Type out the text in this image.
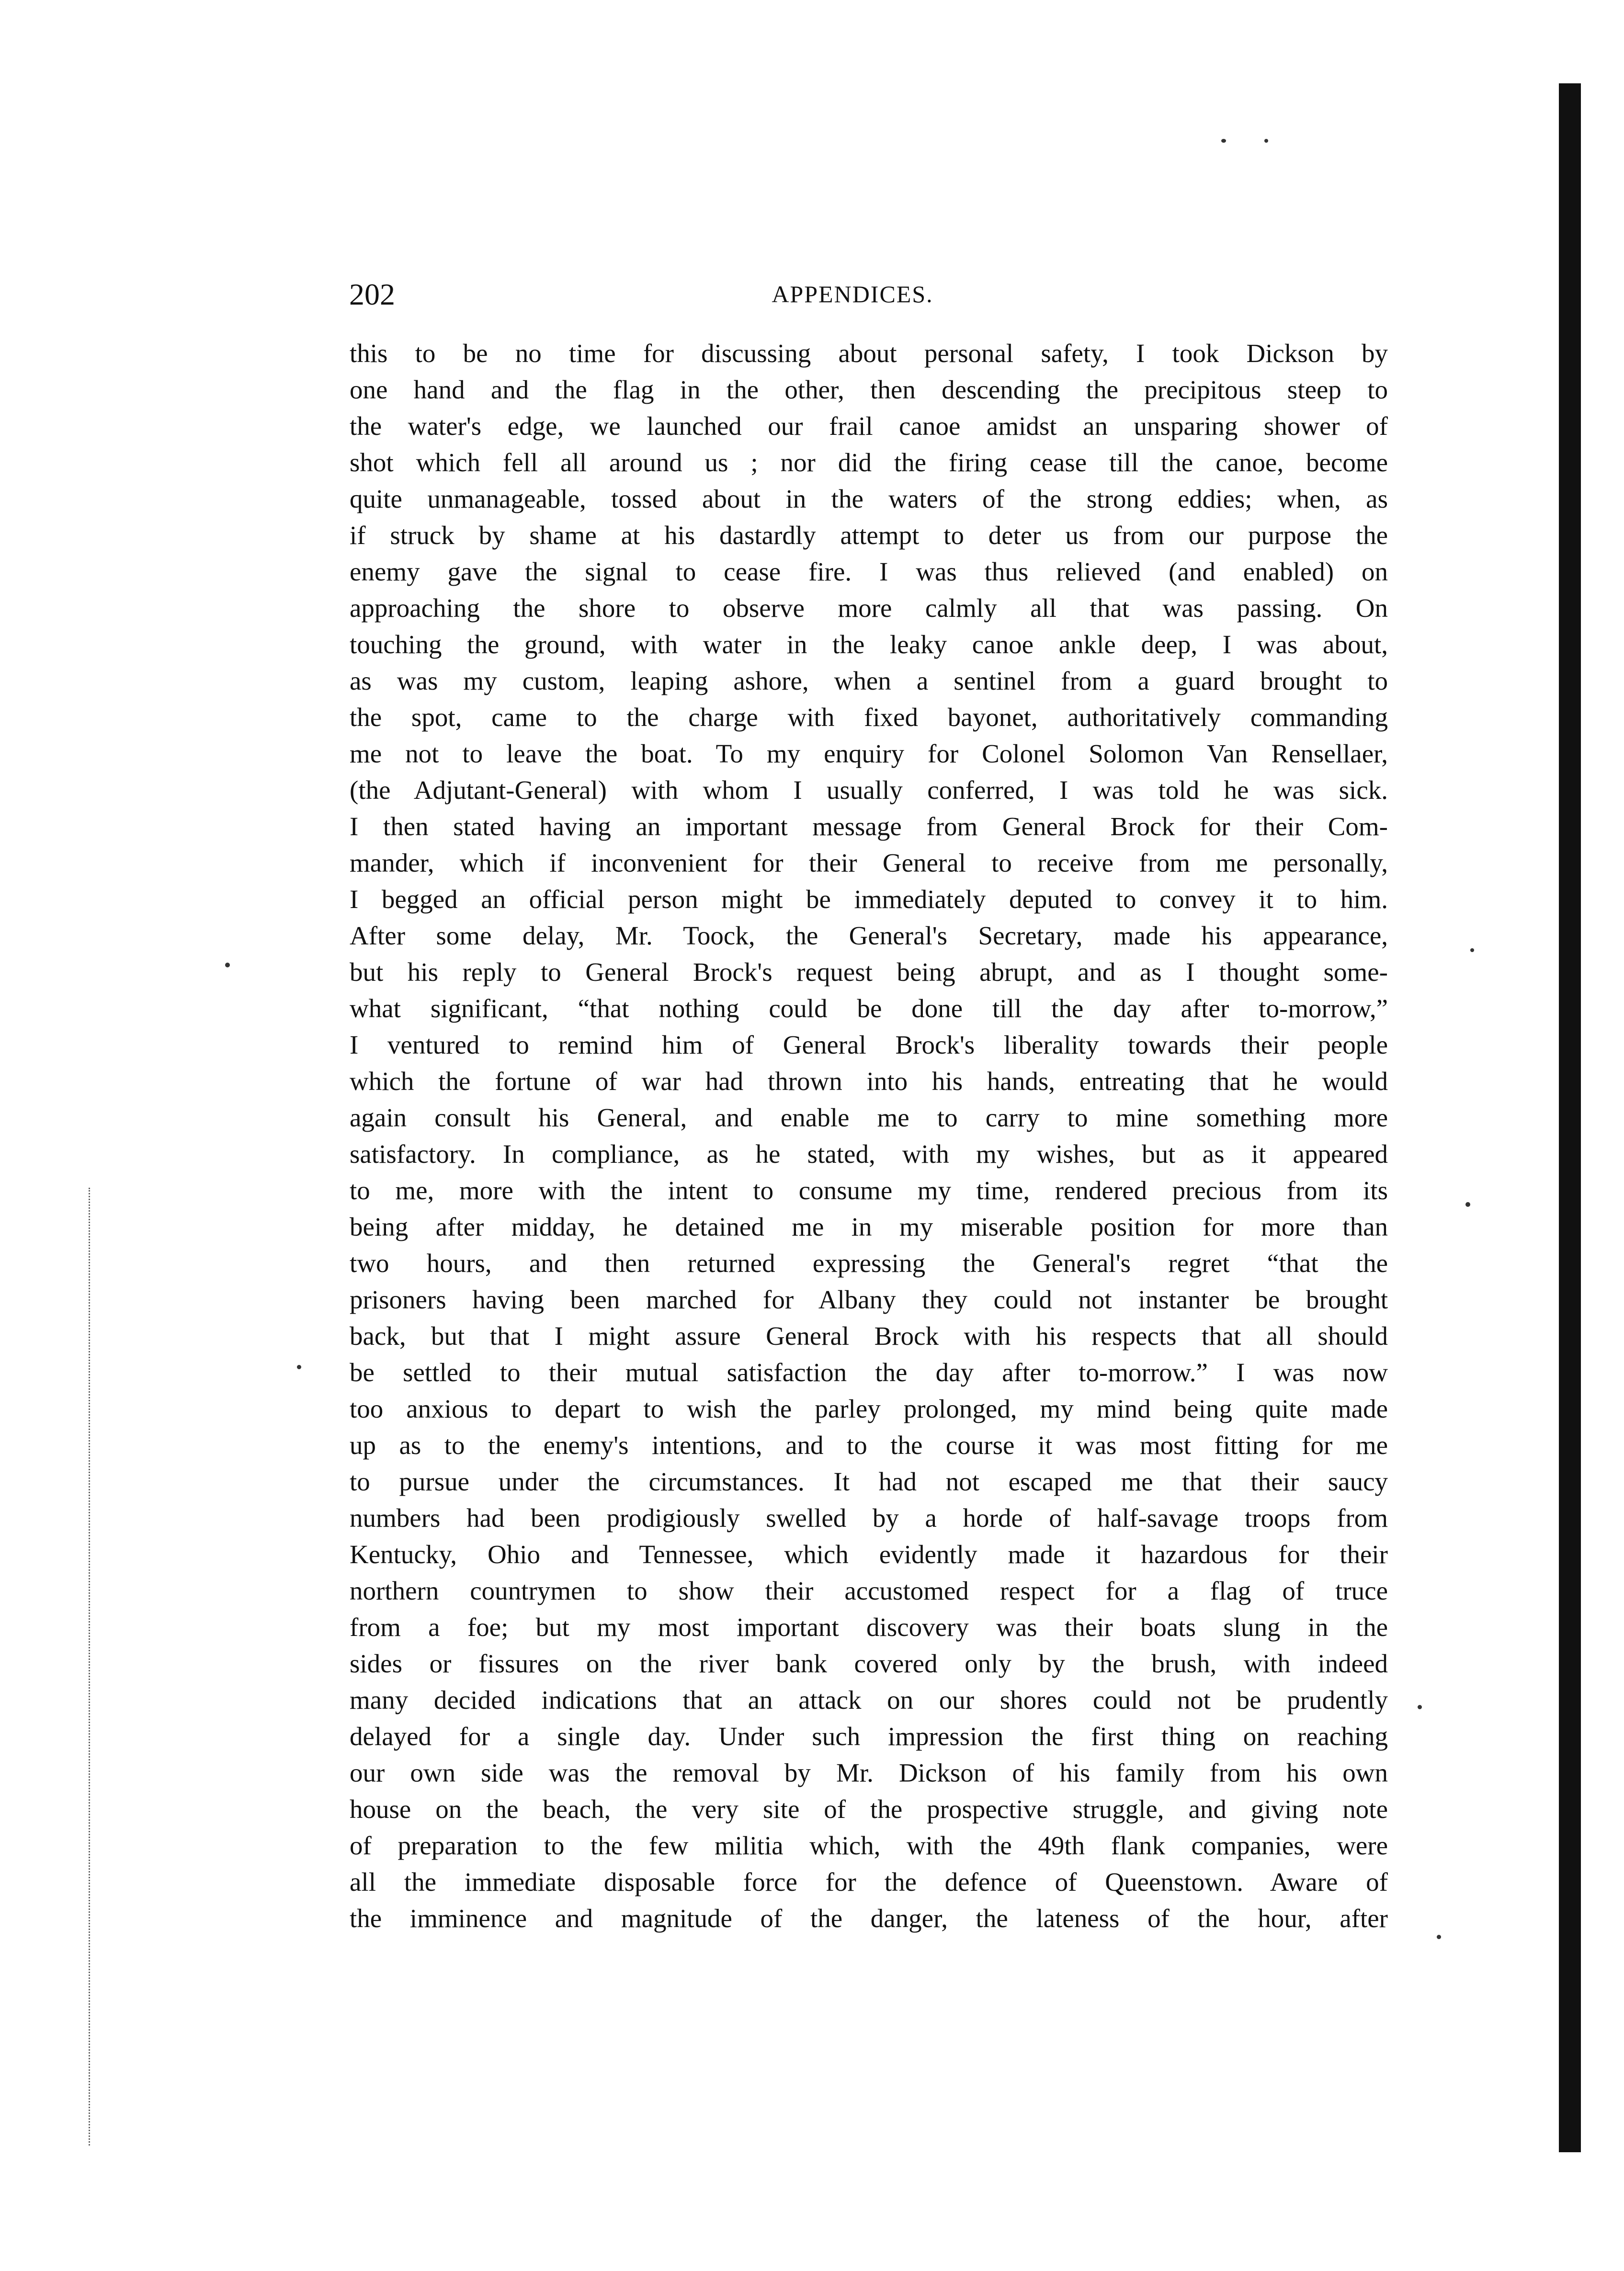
202	APPENDICES.
this to be no time for discussing about personal safety, I took Dickson by
one hand and the flag in the other, then descending the precipitous steep to
the water's edge, we launched our frail canoe amidst an unsparing shower of
shot which fell all around us ; nor did the firing cease till the canoe, become
quite unmanageable, tossed about in the waters of the strong eddies; when, as
if struck by shame at his dastardly attempt to deter us from our purpose the
enemy gave the signal to cease fire. I was thus relieved (and enabled) on
approaching the shore to observe more calmly all that was passing. On
touching the ground, with water in the leaky canoe ankle deep, I was about,
as was my custom, leaping ashore, when a sentinel from a guard brought to
the spot, came to the charge with fixed bayonet, authoritatively commanding
me not to leave the boat. To my enquiry for Colonel Solomon Van Rensellaer,
(the Adjutant-General) with whom I usually conferred, I was told he was sick.
I then stated having an important message from General Brock for their Com-
mander, which if inconvenient for their General to receive from me personally,
I begged an official person might be immediately deputed to convey it to him.
After some delay, Mr. Toock, the General's Secretary, made his appearance,
but his reply to General Brock's request being abrupt, and as I thought some-
what significant, “that nothing could be done till the day after to-morrow,”
I ventured to remind him of General Brock's liberality towards their people
which the fortune of war had thrown into his hands, entreating that he would
again consult his General, and enable me to carry to mine something more
satisfactory. In compliance, as he stated, with my wishes, but as it appeared
to me, more with the intent to consume my time, rendered precious from its
being after midday, he detained me in my miserable position for more than
two hours, and then returned expressing the General's regret “that the
prisoners having been marched for Albany they could not instanter be brought
back, but that I might assure General Brock with his respects that all should
be settled to their mutual satisfaction the day after to-morrow.” I was now
too anxious to depart to wish the parley prolonged, my mind being quite made
up as to the enemy's intentions, and to the course it was most fitting for me
to pursue under the circumstances. It had not escaped me that their saucy
numbers had been prodigiously swelled by a horde of half-savage troops from
Kentucky, Ohio and Tennessee, which evidently made it hazardous for their
northern countrymen to show their accustomed respect for a flag of truce
from a foe; but my most important discovery was their boats slung in the
sides or fissures on the river bank covered only by the brush, with indeed
many decided indications that an attack on our shores could not be prudently
delayed for a single day. Under such impression the first thing on reaching
our own side was the removal by Mr. Dickson of his family from his own
house on the beach, the very site of the prospective struggle, and giving note
of preparation to the few militia which, with the 49th flank companies, were
all the immediate disposable force for the defence of Queenstown. Aware of
the imminence and magnitude of the danger, the lateness of the hour, after
